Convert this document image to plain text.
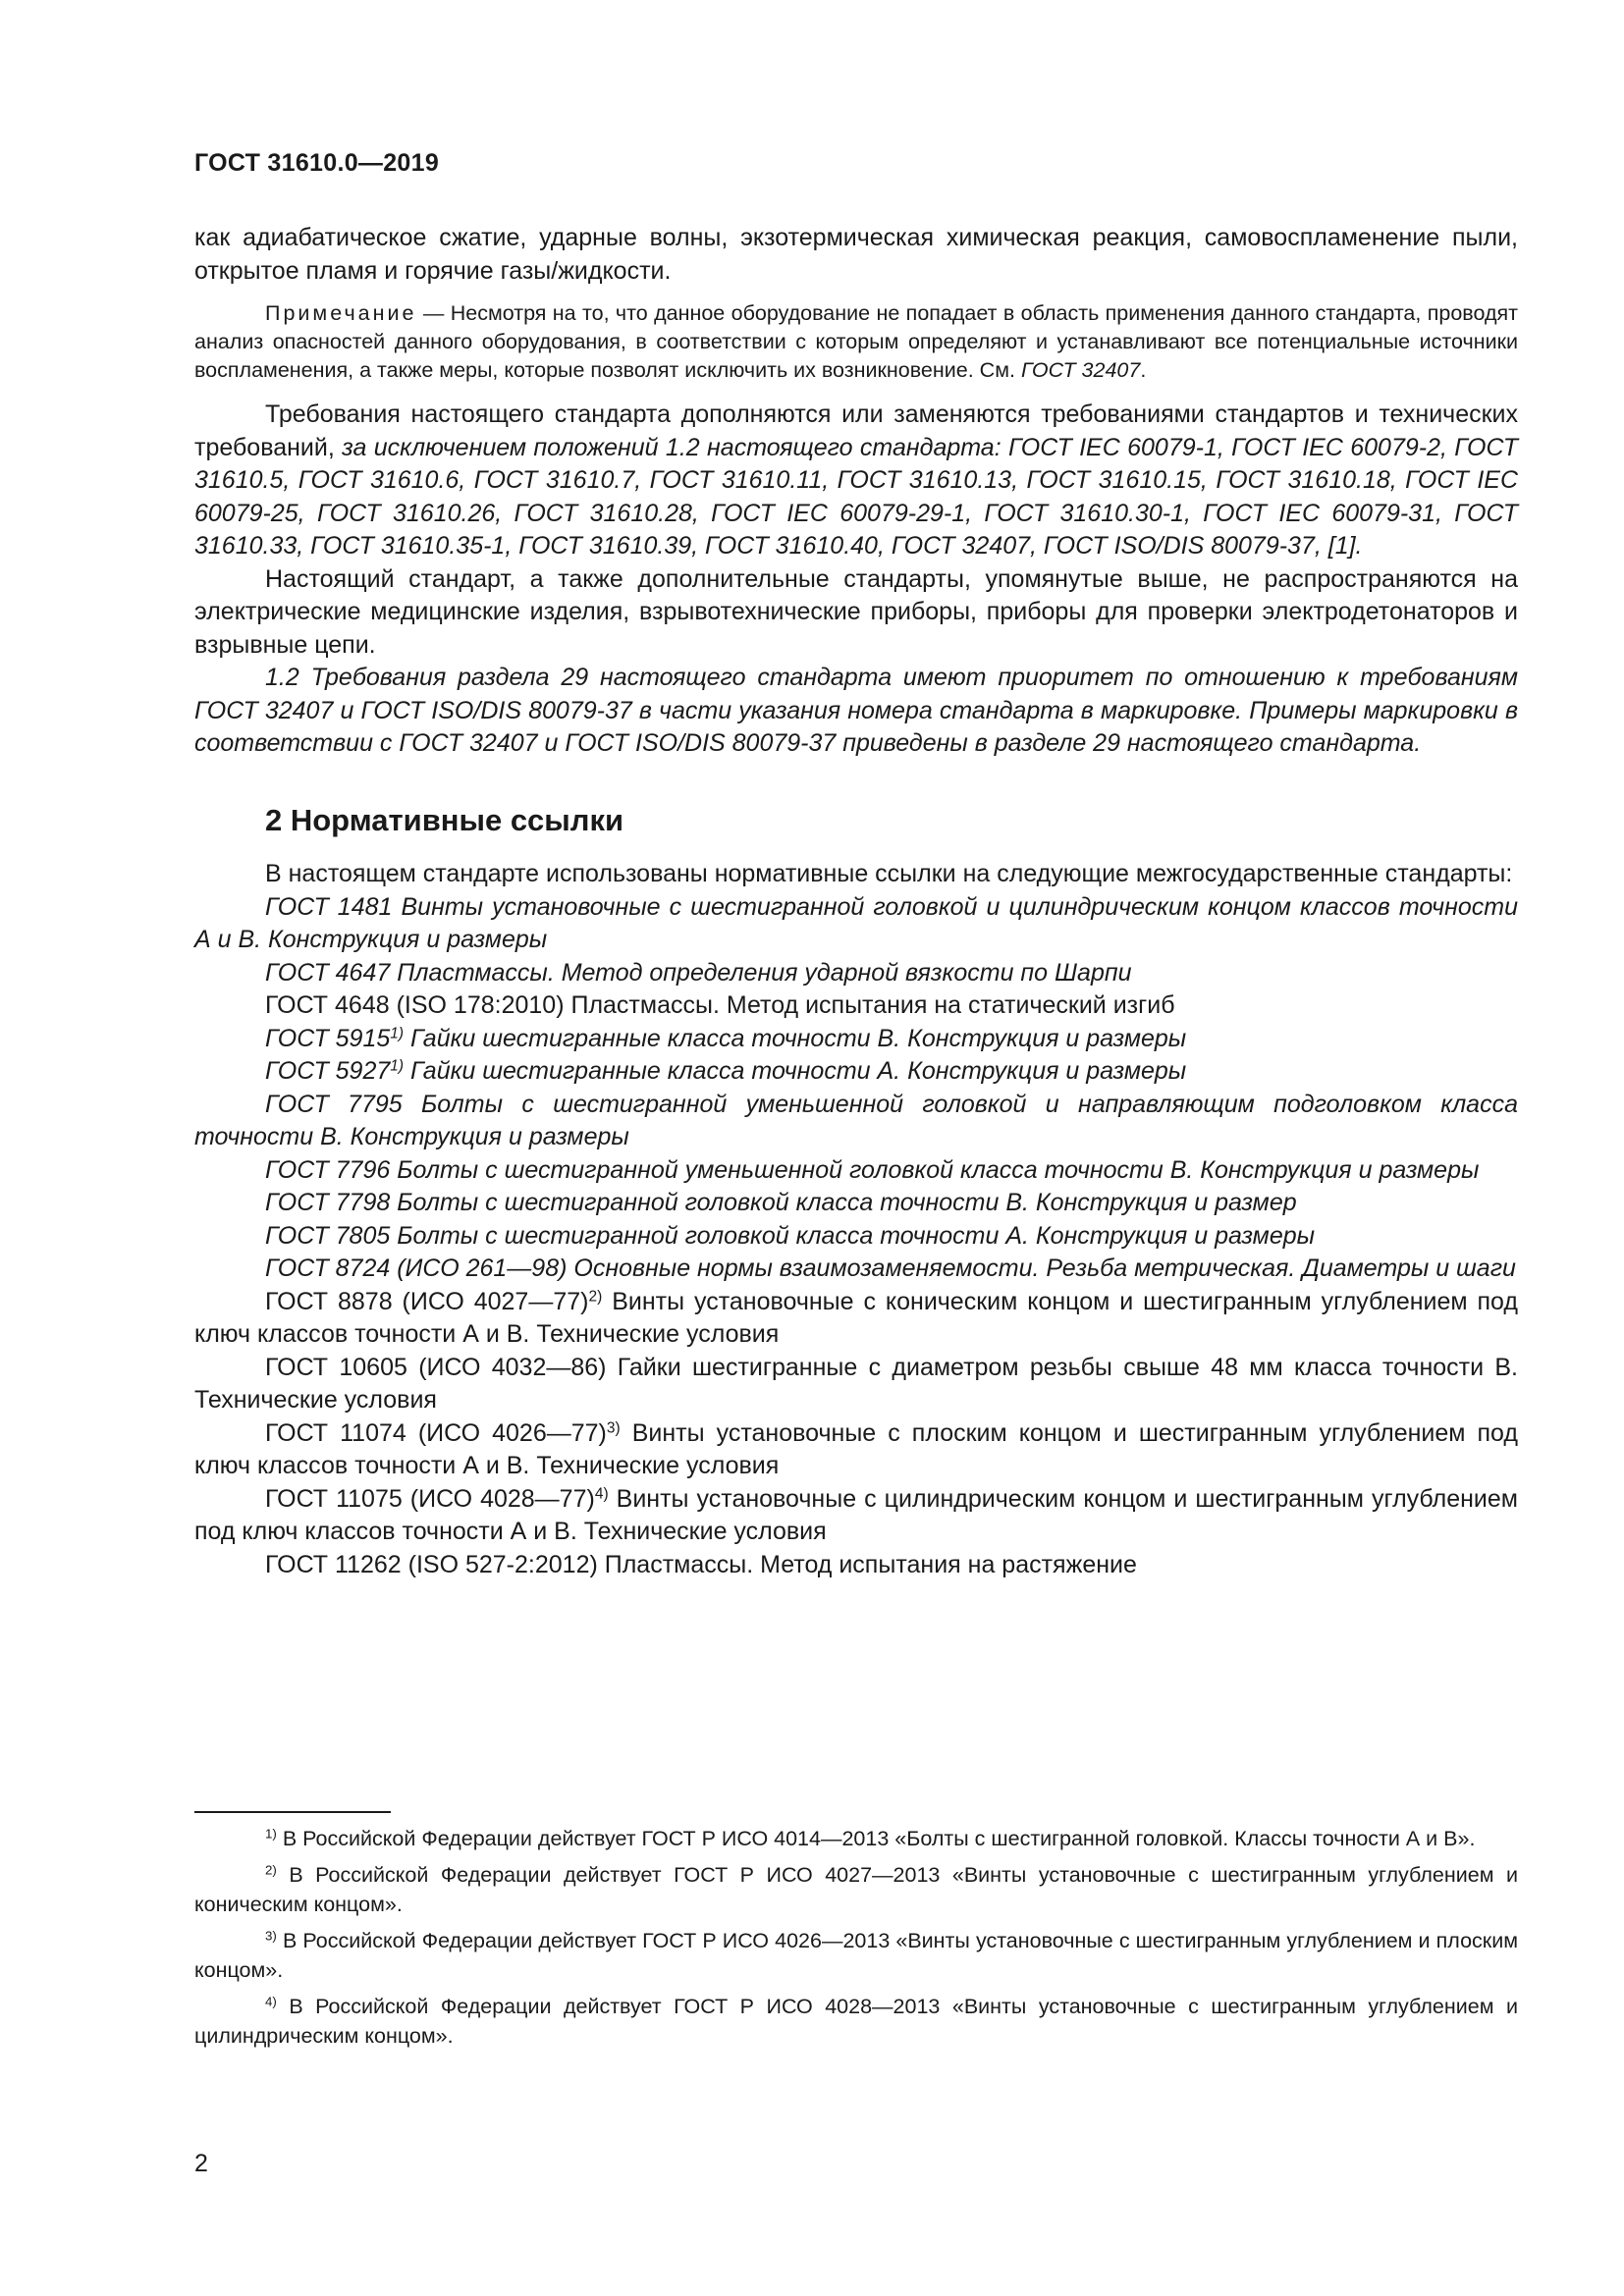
ГОСТ 31610.0—2019

как адиабатическое сжатие, ударные волны, экзотермическая химическая реакция, самовоспламенение пыли, открытое пламя и горячие газы/жидкости.

Примечание — Несмотря на то, что данное оборудование не попадает в область применения данного стандарта, проводят анализ опасностей данного оборудования, в соответствии с которым определяют и устанавливают все потенциальные источники воспламенения, а также меры, которые позволят исключить их возникновение. См. ГОСТ 32407.

Требования настоящего стандарта дополняются или заменяются требованиями стандартов и технических требований, за исключением положений 1.2 настоящего стандарта: ГОСТ IEC 60079-1, ГОСТ IEC 60079-2, ГОСТ 31610.5, ГОСТ 31610.6, ГОСТ 31610.7, ГОСТ 31610.11, ГОСТ 31610.13, ГОСТ 31610.15, ГОСТ 31610.18, ГОСТ IEC 60079-25, ГОСТ 31610.26, ГОСТ 31610.28, ГОСТ IEC 60079-29-1, ГОСТ 31610.30-1, ГОСТ IEC 60079-31, ГОСТ 31610.33, ГОСТ 31610.35-1, ГОСТ 31610.39, ГОСТ 31610.40, ГОСТ 32407, ГОСТ ISO/DIS 80079-37, [1].

Настоящий стандарт, а также дополнительные стандарты, упомянутые выше, не распространяются на электрические медицинские изделия, взрывотехнические приборы, приборы для проверки электродетонаторов и взрывные цепи.

1.2 Требования раздела 29 настоящего стандарта имеют приоритет по отношению к требованиям ГОСТ 32407 и ГОСТ ISO/DIS 80079-37 в части указания номера стандарта в маркировке. Примеры маркировки в соответствии с ГОСТ 32407 и ГОСТ ISO/DIS 80079-37 приведены в разделе 29 настоящего стандарта.

2 Нормативные ссылки

В настоящем стандарте использованы нормативные ссылки на следующие межгосударственные стандарты:

ГОСТ 1481 Винты установочные с шестигранной головкой и цилиндрическим концом классов точности А и В. Конструкция и размеры

ГОСТ 4647 Пластмассы. Метод определения ударной вязкости по Шарпи

ГОСТ 4648 (ISO 178:2010) Пластмассы. Метод испытания на статический изгиб

ГОСТ 5915$^{1)}$ Гайки шестигранные класса точности В. Конструкция и размеры

ГОСТ 5927$^{1)}$ Гайки шестигранные класса точности А. Конструкция и размеры

ГОСТ 7795 Болты с шестигранной уменьшенной головкой и направляющим подголовком класса точности В. Конструкция и размеры

ГОСТ 7796 Болты с шестигранной уменьшенной головкой класса точности В. Конструкция и размеры

ГОСТ 7798 Болты с шестигранной головкой класса точности В. Конструкция и размер

ГОСТ 7805 Болты с шестигранной головкой класса точности А. Конструкция и размеры

ГОСТ 8724 (ИСО 261—98) Основные нормы взаимозаменяемости. Резьба метрическая. Диаметры и шаги

ГОСТ 8878 (ИСО 4027—77)$^{2)}$ Винты установочные с коническим концом и шестигранным углублением под ключ классов точности А и В. Технические условия

ГОСТ 10605 (ИСО 4032—86) Гайки шестигранные с диаметром резьбы свыше 48 мм класса точности В. Технические условия

ГОСТ 11074 (ИСО 4026—77)$^{3)}$ Винты установочные с плоским концом и шестигранным углублением под ключ классов точности А и В. Технические условия

ГОСТ 11075 (ИСО 4028—77)$^{4)}$ Винты установочные с цилиндрическим концом и шестигранным углублением под ключ классов точности А и В. Технические условия

ГОСТ 11262 (ISO 527-2:2012) Пластмассы. Метод испытания на растяжение

$^{1)}$ В Российской Федерации действует ГОСТ Р ИСО 4014—2013 «Болты с шестигранной головкой. Классы точности А и В».

$^{2)}$ В Российской Федерации действует ГОСТ Р ИСО 4027—2013 «Винты установочные с шестигранным углублением и коническим концом».

$^{3)}$ В Российской Федерации действует ГОСТ Р ИСО 4026—2013 «Винты установочные с шестигранным углублением и плоским концом».

$^{4)}$ В Российской Федерации действует ГОСТ Р ИСО 4028—2013 «Винты установочные с шестигранным углублением и цилиндрическим концом».

2
